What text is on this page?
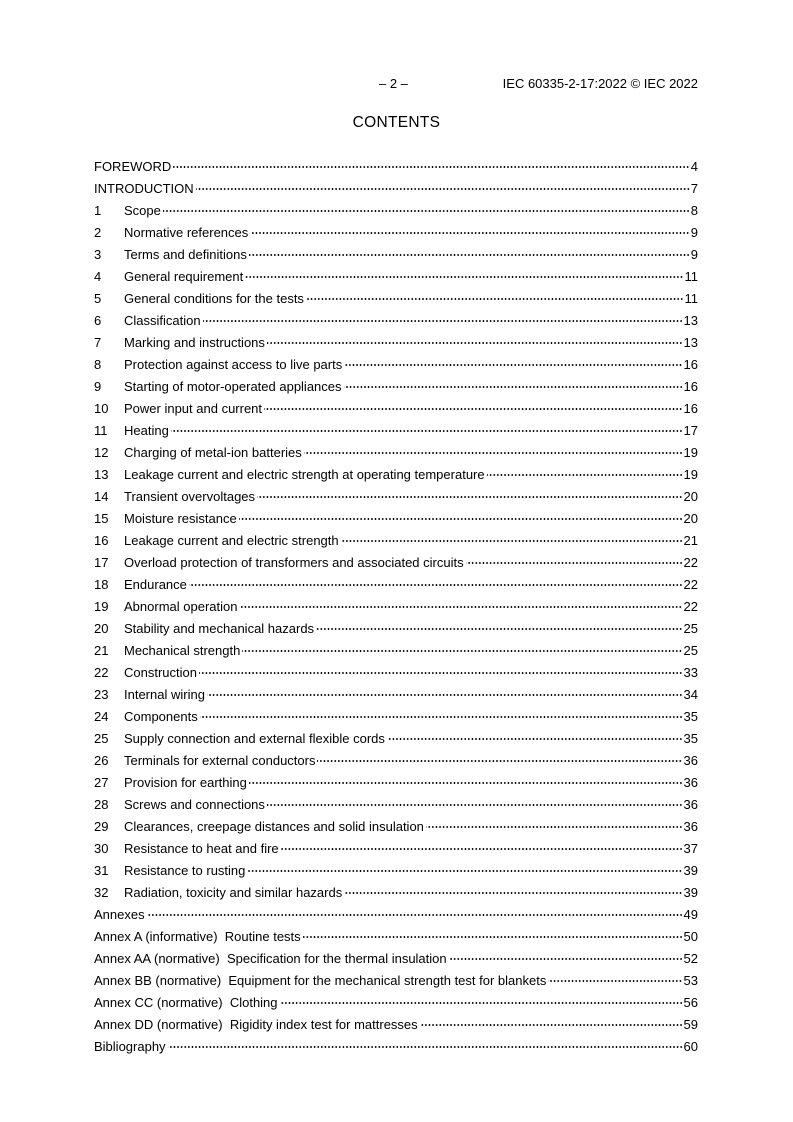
– 2 –	IEC 60335-2-17:2022 © IEC 2022
CONTENTS
FOREWORD	4
INTRODUCTION	7
1	Scope	8
2	Normative references	9
3	Terms and definitions	9
4	General requirement	11
5	General conditions for the tests	11
6	Classification	13
7	Marking and instructions	13
8	Protection against access to live parts	16
9	Starting of motor-operated appliances	16
10	Power input and current	16
11	Heating	17
12	Charging of metal-ion batteries	19
13	Leakage current and electric strength at operating temperature	19
14	Transient overvoltages	20
15	Moisture resistance	20
16	Leakage current and electric strength	21
17	Overload protection of transformers and associated circuits	22
18	Endurance	22
19	Abnormal operation	22
20	Stability and mechanical hazards	25
21	Mechanical strength	25
22	Construction	33
23	Internal wiring	34
24	Components	35
25	Supply connection and external flexible cords	35
26	Terminals for external conductors	36
27	Provision for earthing	36
28	Screws and connections	36
29	Clearances, creepage distances and solid insulation	36
30	Resistance to heat and fire	37
31	Resistance to rusting	39
32	Radiation, toxicity and similar hazards	39
Annexes	49
Annex A (informative)  Routine tests	50
Annex AA (normative)  Specification for the thermal insulation	52
Annex BB (normative)  Equipment for the mechanical strength test for blankets	53
Annex CC (normative)  Clothing	56
Annex DD (normative)  Rigidity index test for mattresses	59
Bibliography	60
